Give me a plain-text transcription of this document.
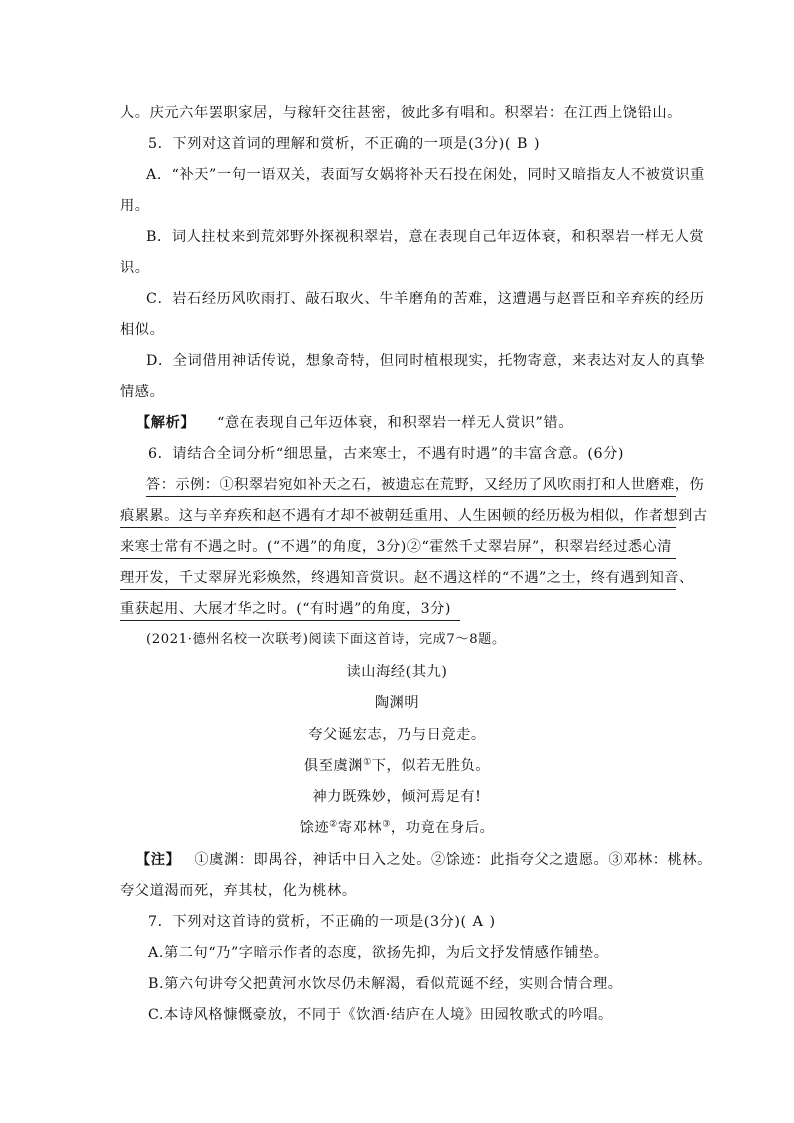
人。庆元六年罢职家居，与稼轩交往甚密，彼此多有唱和。积翠岩：在江西上饶铅山。
5．下列对这首词的理解和赏析，不正确的一项是(3分)( B )
A．“补天”一句一语双关，表面写女娲将补天石投在闲处，同时又暗指友人不被赏识重
用。
B．词人拄杖来到荒郊野外探视积翠岩，意在表现自己年迈体衰，和积翠岩一样无人赏
识。
C．岩石经历风吹雨打、敲石取火、牛羊磨角的苦难，这遭遇与赵晋臣和辛弃疾的经历
相似。
D．全词借用神话传说，想象奇特，但同时植根现实，托物寄意，来表达对友人的真挚
情感。
【解析】 “意在表现自己年迈体衰，和积翠岩一样无人赏识”错。
6．请结合全词分析“细思量，古来寒士，不遇有时遇”的丰富含意。(6分)
答：示例：①积翠岩宛如补天之石，被遗忘在荒野，又经历了风吹雨打和人世磨难，伤
痕累累。这与辛弃疾和赵不遇有才却不被朝廷重用、人生困顿的经历极为相似，作者想到古
来寒士常有不遇之时。(“不遇”的角度，3分)②“霍然千丈翠岩屏”，积翠岩经过悉心清
理开发，千丈翠屏光彩焕然，终遇知音赏识。赵不遇这样的“不遇”之士，终有遇到知音、
重获起用、大展才华之时。(“有时遇”的角度，3分)
(2021·德州名校一次联考)阅读下面这首诗，完成7～8题。
读山海经(其九)
陶渊明
夸父诞宏志，乃与日竞走。
俱至虞渊①下，似若无胜负。
神力既殊妙，倾河焉足有!
馀迹②寄邓林③，功竟在身后。
【注】 ①虞渊：即禺谷，神话中日入之处。②馀迹：此指夸父之遗愿。③邓林：桃林。
夸父道渴而死，弃其杖，化为桃林。
7．下列对这首诗的赏析，不正确的一项是(3分)( A )
A.第二句“乃”字暗示作者的态度，欲扬先抑，为后文抒发情感作铺垫。
B.第六句讲夸父把黄河水饮尽仍未解渴，看似荒诞不经，实则合情合理。
C.本诗风格慷慨豪放，不同于《饮酒·结庐在人境》田园牧歌式的吟唱。
